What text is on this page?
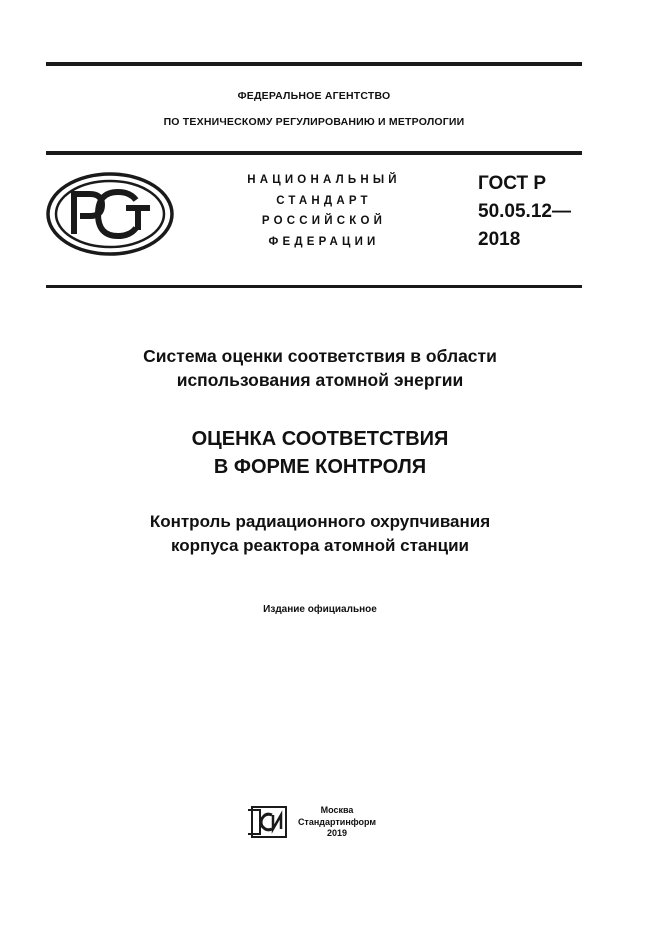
ФЕДЕРАЛЬНОЕ АГЕНТСТВО
ПО ТЕХНИЧЕСКОМУ РЕГУЛИРОВАНИЮ И МЕТРОЛОГИИ
НАЦИОНАЛЬНЫЙ
СТАНДАРТ
РОССИЙСКОЙ
ФЕДЕРАЦИИ
ГОСТ Р
50.05.12—
2018
Система оценки соответствия в области
использования атомной энергии
ОЦЕНКА СООТВЕТСТВИЯ
В ФОРМЕ КОНТРОЛЯ
Контроль радиационного охрупчивания
корпуса реактора атомной станции
Издание официальное
Москва
Стандартинформ
2019
